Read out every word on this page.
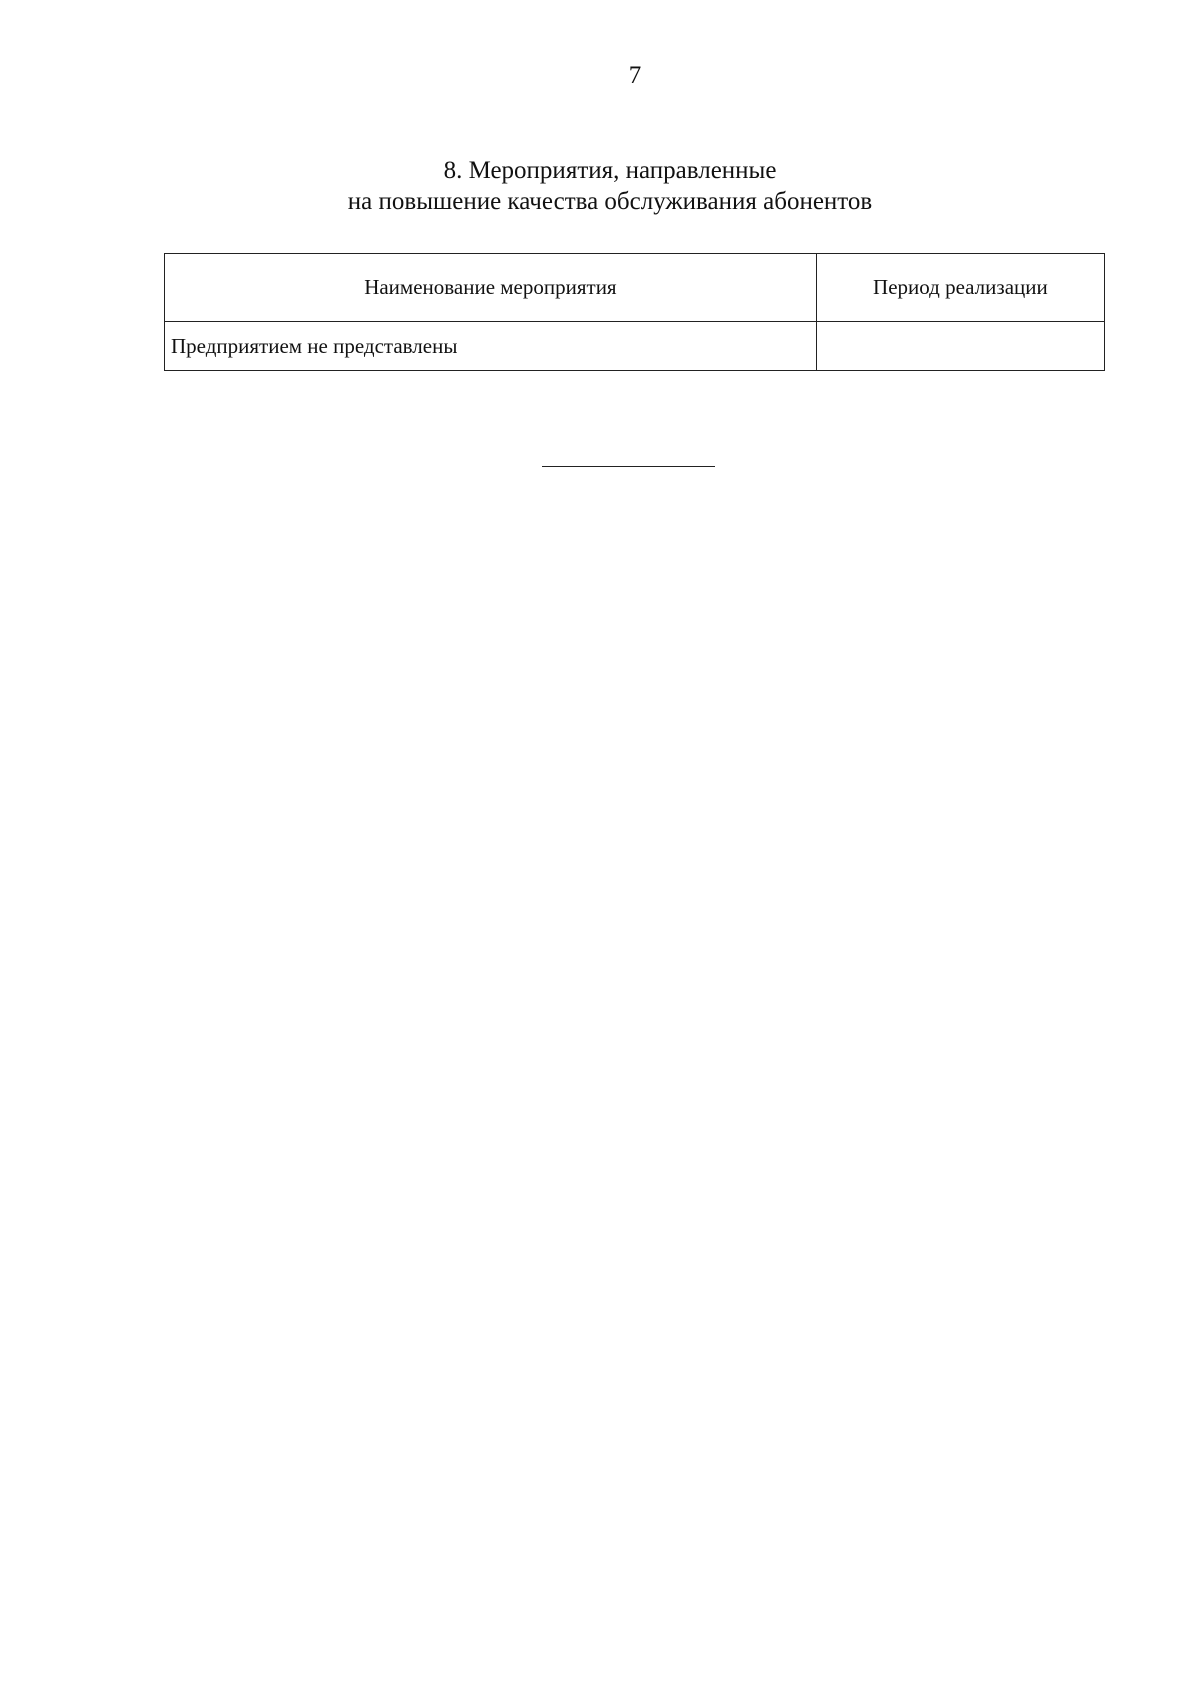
7
8. Мероприятия, направленные
на повышение качества обслуживания абонентов
Наименование мероприятия	Период реализации
Предприятием не представлены	
